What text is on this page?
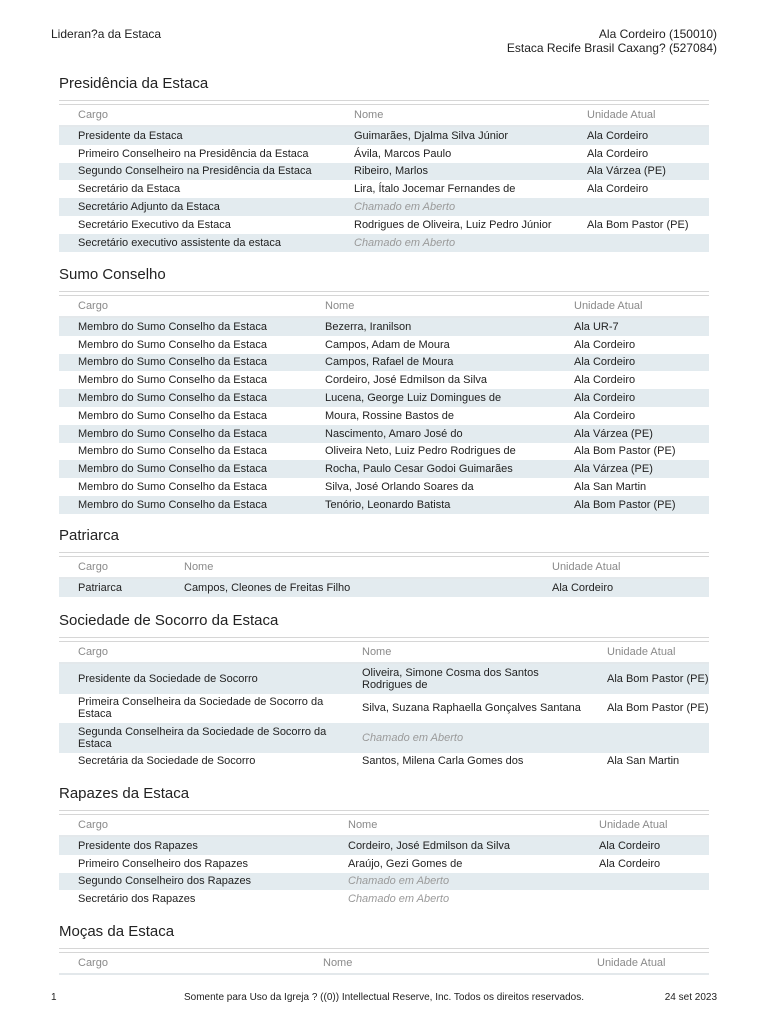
Lideran?a da Estaca	Ala Cordeiro (150010)
Estaca Recife Brasil Caxang? (527084)
Presidência da Estaca
Cargo	Nome	Unidade Atual
Presidente da Estaca	Guimarães, Djalma Silva Júnior	Ala Cordeiro
Primeiro Conselheiro na Presidência da Estaca	Ávila, Marcos Paulo	Ala Cordeiro
Segundo Conselheiro na Presidência da Estaca	Ribeiro, Marlos	Ala Várzea (PE)
Secretário da Estaca	Lira, Ítalo Jocemar Fernandes de	Ala Cordeiro
Secretário Adjunto da Estaca	Chamado em Aberto	
Secretário Executivo da Estaca	Rodrigues de Oliveira, Luiz Pedro Júnior	Ala Bom Pastor (PE)
Secretário executivo assistente da estaca	Chamado em Aberto	
Sumo Conselho
Cargo	Nome	Unidade Atual
Membro do Sumo Conselho da Estaca	Bezerra, Iranilson	Ala UR-7
Membro do Sumo Conselho da Estaca	Campos, Adam de Moura	Ala Cordeiro
Membro do Sumo Conselho da Estaca	Campos, Rafael de Moura	Ala Cordeiro
Membro do Sumo Conselho da Estaca	Cordeiro, José Edmilson da Silva	Ala Cordeiro
Membro do Sumo Conselho da Estaca	Lucena, George Luiz Domingues de	Ala Cordeiro
Membro do Sumo Conselho da Estaca	Moura, Rossine Bastos de	Ala Cordeiro
Membro do Sumo Conselho da Estaca	Nascimento, Amaro José do	Ala Várzea (PE)
Membro do Sumo Conselho da Estaca	Oliveira Neto, Luiz Pedro Rodrigues de	Ala Bom Pastor (PE)
Membro do Sumo Conselho da Estaca	Rocha, Paulo Cesar Godoi Guimarães	Ala Várzea (PE)
Membro do Sumo Conselho da Estaca	Silva, José Orlando Soares da	Ala San Martin
Membro do Sumo Conselho da Estaca	Tenório, Leonardo Batista	Ala Bom Pastor (PE)
Patriarca
Cargo	Nome	Unidade Atual
Patriarca	Campos, Cleones de Freitas Filho	Ala Cordeiro
Sociedade de Socorro da Estaca
Cargo	Nome	Unidade Atual
Presidente da Sociedade de Socorro	Oliveira, Simone Cosma dos Santos Rodrigues de	Ala Bom Pastor (PE)
Primeira Conselheira da Sociedade de Socorro da Estaca	Silva, Suzana Raphaella Gonçalves Santana	Ala Bom Pastor (PE)
Segunda Conselheira da Sociedade de Socorro da Estaca	Chamado em Aberto	
Secretária da Sociedade de Socorro	Santos, Milena Carla Gomes dos	Ala San Martin
Rapazes da Estaca
Cargo	Nome	Unidade Atual
Presidente dos Rapazes	Cordeiro, José Edmilson da Silva	Ala Cordeiro
Primeiro Conselheiro dos Rapazes	Araújo, Gezi Gomes de	Ala Cordeiro
Segundo Conselheiro dos Rapazes	Chamado em Aberto	
Secretário dos Rapazes	Chamado em Aberto	
Moças da Estaca
Cargo	Nome	Unidade Atual
1	Somente para Uso da Igreja ? ((0)) Intellectual Reserve, Inc. Todos os direitos reservados.	24 set 2023
